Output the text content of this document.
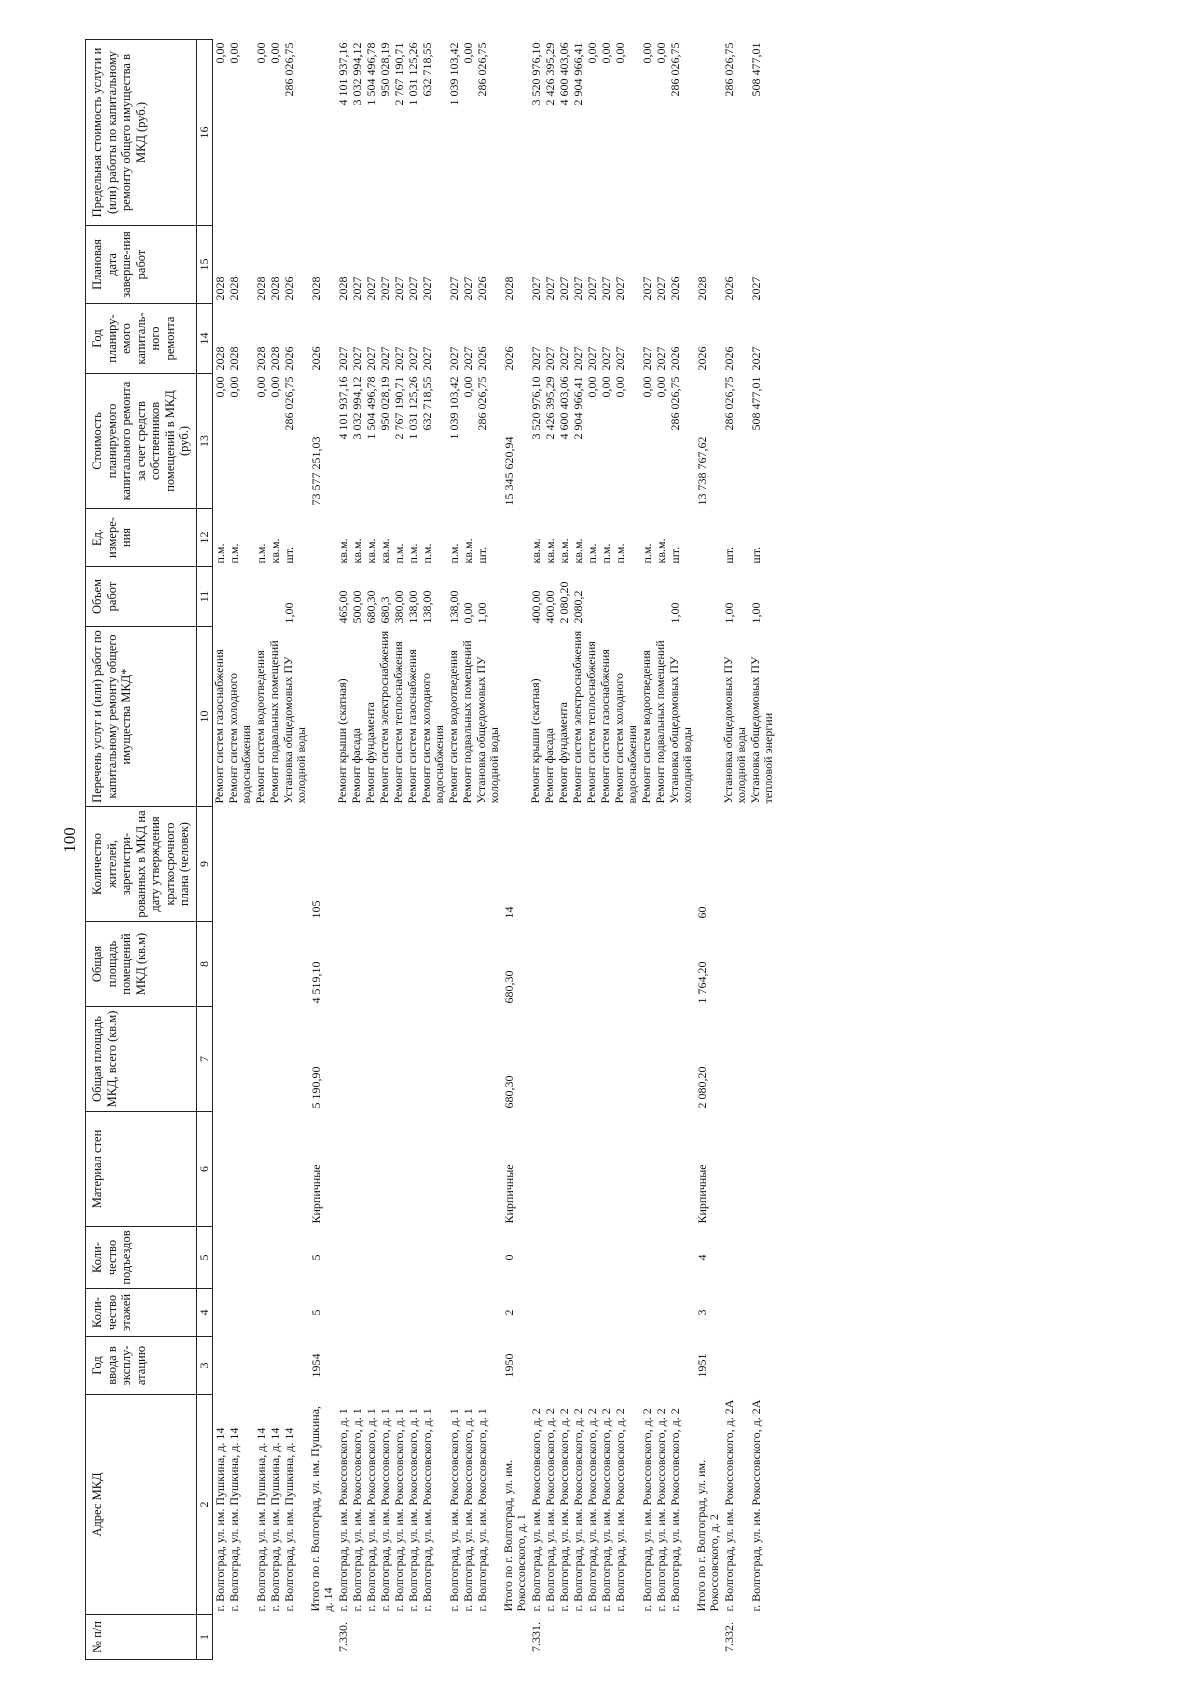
100
№ п/п	Адрес МКД	Год ввода в эксплу-атацию	Коли-чество этажей	Коли-чество подъездов	Материал стен	Общая площадь МКД, всего (кв.м)	Общая площадь помещений МКД (кв.м)	Количество жителей, зарегистри-рованных в МКД на дату утверждения краткосрочного плана (человек)	Перечень услуг и (или) работ по капитальному ремонту общего имущества МКД*	Объем работ	Ед. измере-ния	Стоимость планируемого капитального ремонта за счет средств собственников помещений в МКД (руб.)	Год планиру-емого капиталь-ного ремонта	Плановая дата заверше-ния работ	Предельная стоимость услуги и (или) работы по капитальному ремонту общего имущества в МКД (руб.)
1	2	3	4	5	6	7	8	9	10	11	12	13	14	15	16
	г. Волгоград, ул. им. Пушкина, д. 14								Ремонт систем газоснабжения		п.м.	0,00	2028	2028	0,00
	г. Волгоград, ул. им. Пушкина, д. 14								Ремонт систем холодного водоснабжения		п.м.	0,00	2028	2028	0,00
	г. Волгоград, ул. им. Пушкина, д. 14								Ремонт систем водоотведения		п.м.	0,00	2028	2028	0,00
	г. Волгоград, ул. им. Пушкина, д. 14								Ремонт подвальных помещений		кв.м.	0,00	2028	2028	0,00
	г. Волгоград, ул. им. Пушкина, д. 14								Установка общедомовых ПУ холодной воды	1,00	шт.	286 026,75	2026	2026	286 026,75
	Итого по г. Волгоград, ул. им. Пушкина, д. 14	1954	5	5	Кирпичные	5 190,90	4 519,10	105				73 577 251,03	2026	2028	
7.330.	г. Волгоград, ул. им. Рокоссовского, д. 1								Ремонт крыши (скатная)	465,00	кв.м.	4 101 937,16	2027	2028	4 101 937,16
	г. Волгоград, ул. им. Рокоссовского, д. 1								Ремонт фасада	500,00	кв.м.	3 032 994,12	2027	2027	3 032 994,12
	г. Волгоград, ул. им. Рокоссовского, д. 1								Ремонт фундамента	680,30	кв.м.	1 504 496,78	2027	2027	1 504 496,78
	г. Волгоград, ул. им. Рокоссовского, д. 1								Ремонт систем электроснабжения	680,3	кв.м.	950 028,19	2027	2027	950 028,19
	г. Волгоград, ул. им. Рокоссовского, д. 1								Ремонт систем теплоснабжения	380,00	п.м.	2 767 190,71	2027	2027	2 767 190,71
	г. Волгоград, ул. им. Рокоссовского, д. 1								Ремонт систем газоснабжения	138,00	п.м.	1 031 125,26	2027	2027	1 031 125,26
	г. Волгоград, ул. им. Рокоссовского, д. 1								Ремонт систем холодного водоснабжения	138,00	п.м.	632 718,55	2027	2027	632 718,55
	г. Волгоград, ул. им. Рокоссовского, д. 1								Ремонт систем водоотведения	138,00	п.м.	1 039 103,42	2027	2027	1 039 103,42
	г. Волгоград, ул. им. Рокоссовского, д. 1								Ремонт подвальных помещений	0,00	кв.м.	0,00	2027	2027	0,00
	г. Волгоград, ул. им. Рокоссовского, д. 1								Установка общедомовых ПУ холодной воды	1,00	шт.	286 026,75	2026	2026	286 026,75
	Итого по г. Волгоград, ул. им. Рокоссовского, д. 1	1950	2	0	Кирпичные	680,30	680,30	14				15 345 620,94	2026	2028	
7.331.	г. Волгоград, ул. им. Рокоссовского, д. 2								Ремонт крыши (скатная)	400,00	кв.м.	3 520 976,10	2027	2027	3 520 976,10
	г. Волгоград, ул. им. Рокоссовского, д. 2								Ремонт фасада	400,00	кв.м.	2 426 395,29	2027	2027	2 426 395,29
	г. Волгоград, ул. им. Рокоссовского, д. 2								Ремонт фундамента	2 080,20	кв.м.	4 600 403,06	2027	2027	4 600 403,06
	г. Волгоград, ул. им. Рокоссовского, д. 2								Ремонт систем электроснабжения	2080,2	кв.м.	2 904 966,41	2027	2027	2 904 966,41
	г. Волгоград, ул. им. Рокоссовского, д. 2								Ремонт систем теплоснабжения		п.м.	0,00	2027	2027	0,00
	г. Волгоград, ул. им. Рокоссовского, д. 2								Ремонт систем газоснабжения		п.м.	0,00	2027	2027	0,00
	г. Волгоград, ул. им. Рокоссовского, д. 2								Ремонт систем холодного водоснабжения		п.м.	0,00	2027	2027	0,00
	г. Волгоград, ул. им. Рокоссовского, д. 2								Ремонт систем водоотведения		п.м.	0,00	2027	2027	0,00
	г. Волгоград, ул. им. Рокоссовского, д. 2								Ремонт подвальных помещений		кв.м.	0,00	2027	2027	0,00
	г. Волгоград, ул. им. Рокоссовского, д. 2								Установка общедомовых ПУ холодной воды	1,00	шт.	286 026,75	2026	2026	286 026,75
	Итого по г. Волгоград, ул. им. Рокоссовского, д. 2	1951	3	4	Кирпичные	2 080,20	1 764,20	60				13 738 767,62	2026	2028	
7.332.	г. Волгоград, ул. им. Рокоссовского, д. 2А								Установка общедомовых ПУ холодной воды	1,00	шт.	286 026,75	2026	2026	286 026,75
	г. Волгоград, ул. им. Рокоссовского, д. 2А								Установка общедомовых ПУ тепловой энергии	1,00	шт.	508 477,01	2027	2027	508 477,01
